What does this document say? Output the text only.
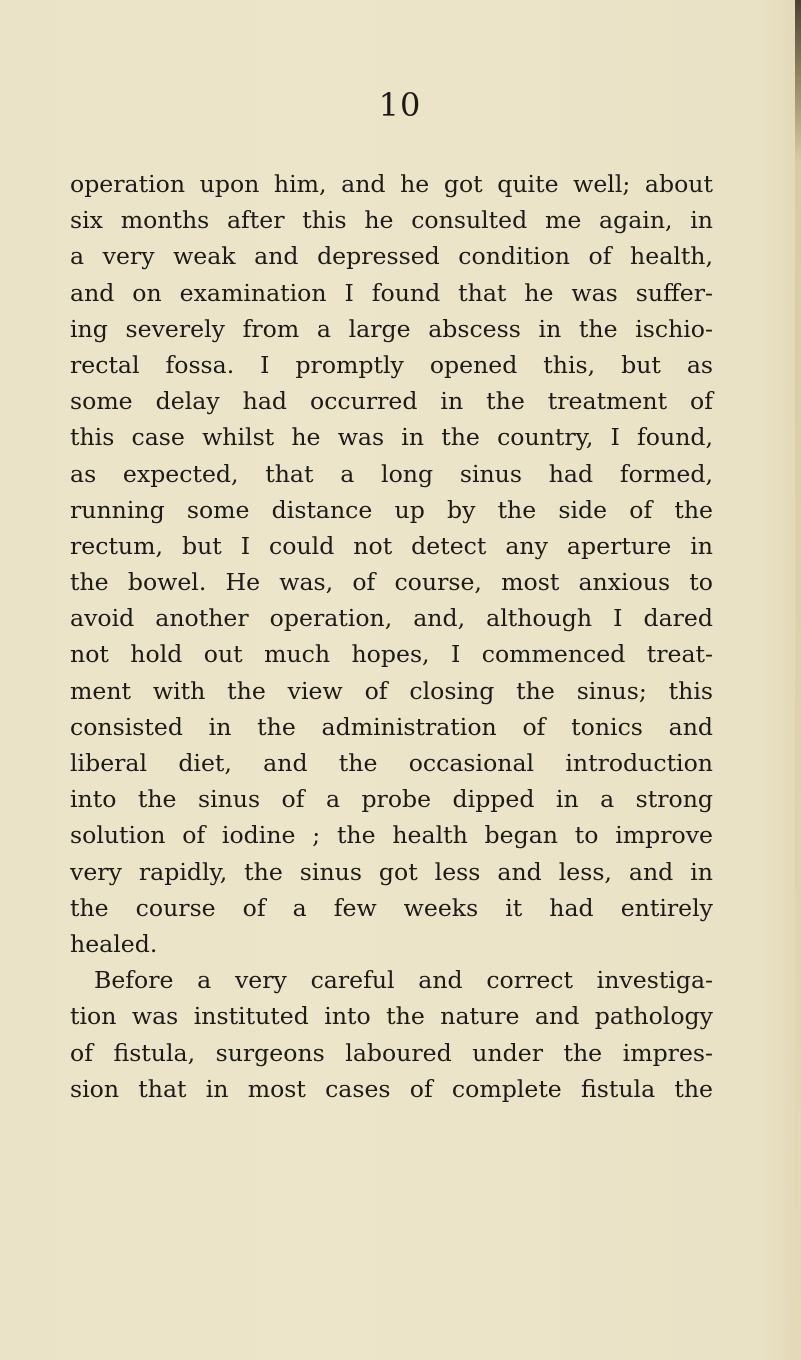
10
operation upon him, and he got quite well; about
six months after this he consulted me again, in
a very weak and depressed condition of health,
and on examination I found that he was suffer-
ing severely from a large abscess in the ischio-
rectal fossa. I promptly opened this, but as
some delay had occurred in the treatment of
this case whilst he was in the country, I found,
as expected, that a long sinus had formed,
running some distance up by the side of the
rectum, but I could not detect any aperture in
the bowel. He was, of course, most anxious to
avoid another operation, and, although I dared
not hold out much hopes, I commenced treat-
ment with the view of closing the sinus; this
consisted in the administration of tonics and
liberal diet, and the occasional introduction
into the sinus of a probe dipped in a strong
solution of iodine ; the health began to improve
very rapidly, the sinus got less and less, and in
the course of a few weeks it had entirely
healed.
Before a very careful and correct investiga-
tion was instituted into the nature and pathology
of fistula, surgeons laboured under the impres-
sion that in most cases of complete fistula the
